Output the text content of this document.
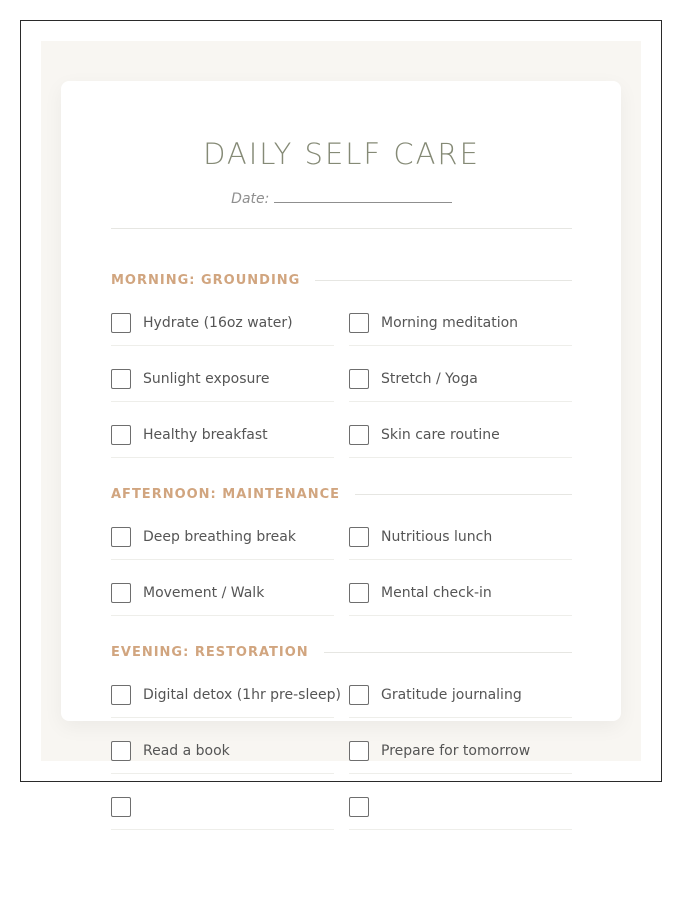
DAILY SELF CARE
Date:
MORNING: GROUNDING
Hydrate (16oz water)	Morning meditation
Sunlight exposure	Stretch / Yoga
Healthy breakfast	Skin care routine
AFTERNOON: MAINTENANCE
Deep breathing break	Nutritious lunch
Movement / Walk	Mental check-in
EVENING: RESTORATION
Digital detox (1hr pre-sleep)	Gratitude journaling
Read a book	Prepare for tomorrow
